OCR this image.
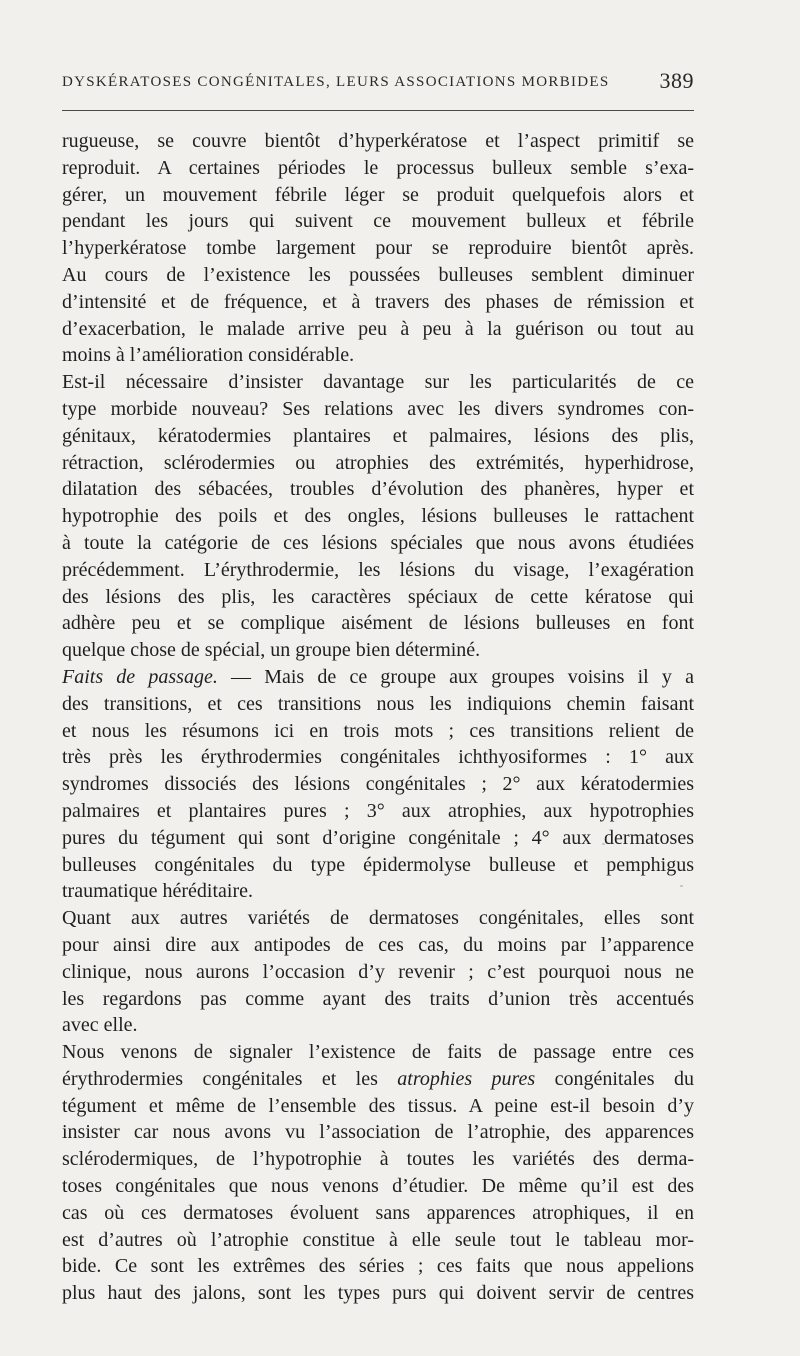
DYSKÉRATOSES CONGÉNITALES, LEURS ASSOCIATIONS MORBIDES 389
rugueuse, se couvre bientôt d’hyperkératose et l’aspect primitif se
reproduit. A certaines périodes le processus bulleux semble s’exa-
gérer, un mouvement fébrile léger se produit quelquefois alors et
pendant les jours qui suivent ce mouvement bulleux et fébrile
l’hyperkératose tombe largement pour se reproduire bientôt après.
Au cours de l’existence les poussées bulleuses semblent diminuer
d’intensité et de fréquence, et à travers des phases de rémission et
d’exacerbation, le malade arrive peu à peu à la guérison ou tout au
moins à l’amélioration considérable.
Est-il nécessaire d’insister davantage sur les particularités de ce
type morbide nouveau? Ses relations avec les divers syndromes con-
génitaux, kératodermies plantaires et palmaires, lésions des plis,
rétraction, sclérodermies ou atrophies des extrémités, hyperhidrose,
dilatation des sébacées, troubles d’évolution des phanères, hyper et
hypotrophie des poils et des ongles, lésions bulleuses le rattachent
à toute la catégorie de ces lésions spéciales que nous avons étudiées
précédemment. L’érythrodermie, les lésions du visage, l’exagération
des lésions des plis, les caractères spéciaux de cette kératose qui
adhère peu et se complique aisément de lésions bulleuses en font
quelque chose de spécial, un groupe bien déterminé.
Faits de passage. — Mais de ce groupe aux groupes voisins il y a
des transitions, et ces transitions nous les indiquions chemin faisant
et nous les résumons ici en trois mots ; ces transitions relient de
très près les érythrodermies congénitales ichthyosiformes : 1° aux
syndromes dissociés des lésions congénitales ; 2° aux kératodermies
palmaires et plantaires pures ; 3° aux atrophies, aux hypotrophies
pures du tégument qui sont d’origine congénitale ; 4° aux dermatoses
bulleuses congénitales du type épidermolyse bulleuse et pemphigus
traumatique héréditaire.
Quant aux autres variétés de dermatoses congénitales, elles sont
pour ainsi dire aux antipodes de ces cas, du moins par l’apparence
clinique, nous aurons l’occasion d’y revenir ; c’est pourquoi nous ne
les regardons pas comme ayant des traits d’union très accentués
avec elle.
Nous venons de signaler l’existence de faits de passage entre ces
érythrodermies congénitales et les atrophies pures congénitales du
tégument et même de l’ensemble des tissus. A peine est-il besoin d’y
insister car nous avons vu l’association de l’atrophie, des apparences
sclérodermiques, de l’hypotrophie à toutes les variétés des derma-
toses congénitales que nous venons d’étudier. De même qu’il est des
cas où ces dermatoses évoluent sans apparences atrophiques, il en
est d’autres où l’atrophie constitue à elle seule tout le tableau mor-
bide. Ce sont les extrêmes des séries ; ces faits que nous appelions
plus haut des jalons, sont les types purs qui doivent servir de centres
